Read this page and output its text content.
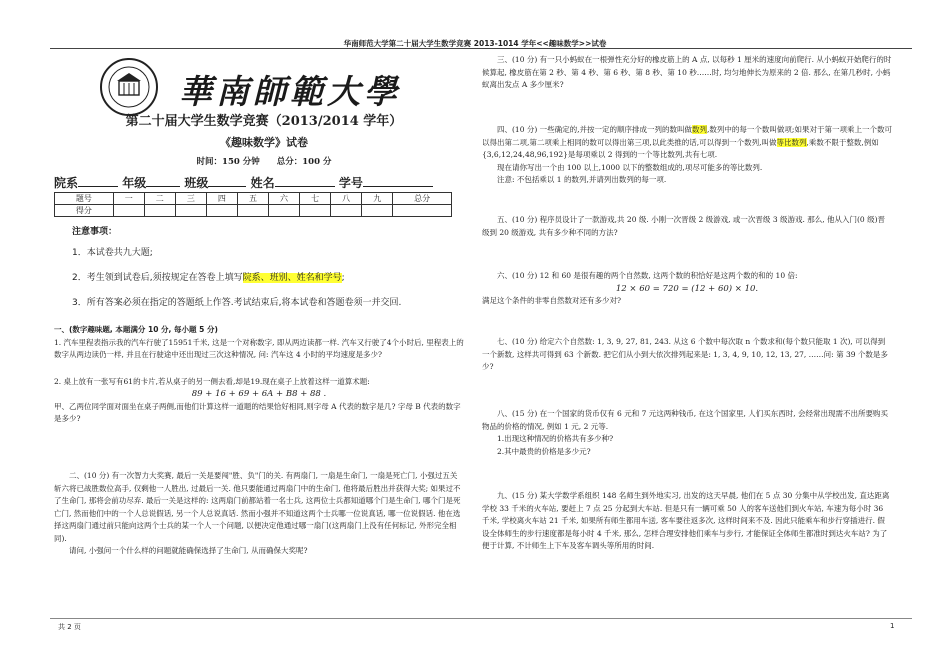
华南师范大学第二十届大学生数学竞赛 2013-1014 学年<<趣味数学>>试卷
華南師範大學
第二十届大学生数学竞赛（2013/2014 学年）
《趣味数学》试卷
时间：150 分钟　　总分：100 分
院系	年级	班级	姓名	学号
题号	一	二	三	四	五	六	七	八	九	总分
得分										
注意事项：

1．本试卷共九大题;

2．考生领到试卷后,须按规定在答卷上填写院系、班别、姓名和学号;

3．所有答案必须在指定的答题纸上作答.考试结束后,将本试卷和答题卷须一并交回.

一、(数字趣味题, 本题满分 10 分, 每小题 5 分)

1. 汽车里程表指示我的汽车行驶了15951千米, 这是一个对称数字, 即从两边读都一样. 汽车又行驶了4个小时后, 里程表上的数字从两边读仍一样, 并且在行驶途中还出现过三次这种情况, 问: 汽车这 4 小时的平均速度是多少?

2. 桌上放有一张写有61的卡片,若从桌子的另一侧去看,却是19.现在桌子上放着这样一道算术题:

89 + 16 + 69 + 6A + B8 + 88 .

甲、乙两位同学面对面坐在桌子两侧,而他们计算这样一道题的结果恰好相同,则字母 A 代表的数字是几? 字母 B 代表的数字是多少?

二、(10 分) 有一次智力大奖赛, 最后一关是要闯"胜、负"门的关. 有两扇门, 一扇是生命门, 一扇是死亡门, 小强过五关斩六将已战胜数位高手, 仅剩他一人胜出, 过最后一关. 他只要能通过两扇门中的生命门, 他将最后胜出并获得大奖; 如果过不了生命门, 那将会前功尽弃. 最后一关是这样的: 这两扇门前都站着一名士兵, 这两位士兵都知道哪个门是生命门, 哪个门是死亡门, 然而他们中的一个人总说假话, 另一个人总说真话. 然而小强并不知道这两个士兵哪一位说真话, 哪一位说假话. 他在选择这两扇门通过前只能向这两个士兵的某一个人一个问题, 以便决定他通过哪一扇门(这两扇门上没有任何标记, 外形完全相同).

请问, 小强问一个什么样的问题就能确保选择了生命门, 从而确保大奖呢?

三、(10 分) 有一只小蚂蚁在一根弹性充分好的橡皮筋上的 A 点, 以每秒 1 厘米的速度向前爬行. 从小蚂蚁开始爬行的时候算起, 橡皮筋在第 2 秒、第 4 秒、第 6 秒、第 8 秒、第 10 秒……时, 均匀地伸长为原来的 2 倍. 那么, 在第几秒时, 小蚂蚁离出发点 A 多少厘米?

四、(10 分) 一些确定的,并按一定的顺序排成一列的数叫做数列,数列中的每一个数叫做项;如果对于第一项乘上一个数可以得出第二项,第二项乘上相同的数可以得出第三项,以此类推的话,可以得到一个数列,叫做等比数列,乘数不限于整数,例如{3,6,12,24,48,96,192}是每项乘以 2 得到的一个等比数列,共有七项.

现在请你写出一个由 100 以上,1000 以下的整数组成的,项尽可能多的等比数列.

注意: 不包括乘以 1 的数列,并请列出数列的每一项.

五、(10 分) 程序员设计了一款游戏,共 20 级. 小刚一次晋级 2 级游戏, 或一次晋级 3 级游戏. 那么, 他从入门(0 级)晋级到 20 级游戏, 共有多少种不同的方法?

六、(10 分) 12 和 60 是很有趣的两个自然数, 这两个数的积恰好是这两个数的和的 10 倍:

12 × 60 = 720 = (12 + 60) × 10.

满足这个条件的非零自然数对还有多少对?

七、(10 分) 给定六个自然数: 1, 3, 9, 27, 81, 243. 从这 6 个数中每次取 n 个数求和(每个数只能取 1 次), 可以得到一个新数, 这样共可得到 63 个新数. 把它们从小到大依次排列起来是: 1, 3, 4, 9, 10, 12, 13, 27, ……问: 第 39 个数是多少?

八、(15 分) 在一个国家的货币仅有 6 元和 7 元这两种钱币, 在这个国家里, 人们买东西时, 会经常出现需不出所要购买物品的价格的情况, 例如 1 元, 2 元等.

1.出现这种情况的价格共有多少种?

2.其中最贵的价格是多少元?

九、(15 分) 某大学数学系组织 148 名师生到外地实习, 出发的这天早晨, 他们在 5 点 30 分集中从学校出发, 直达距离学校 33 千米的火车站, 要赶上 7 点 25 分起到大车站. 但是只有一辆可乘 50 人的客车送他们到火车站, 车速为每小时 36 千米, 学校离火车站 21 千米, 如果所有师生都用车送, 客车要往返多次, 这样时间来不及. 因此只能乘车和步行穿插进行. 假设全体师生的步行速度都是每小时 4 千米, 那么, 怎样合理安排他们乘车与步行, 才能保证全体师生都准时到达火车站? 为了便于计算, 不计师生上下车及客车调头等所用的时间.

共 2 页	1
